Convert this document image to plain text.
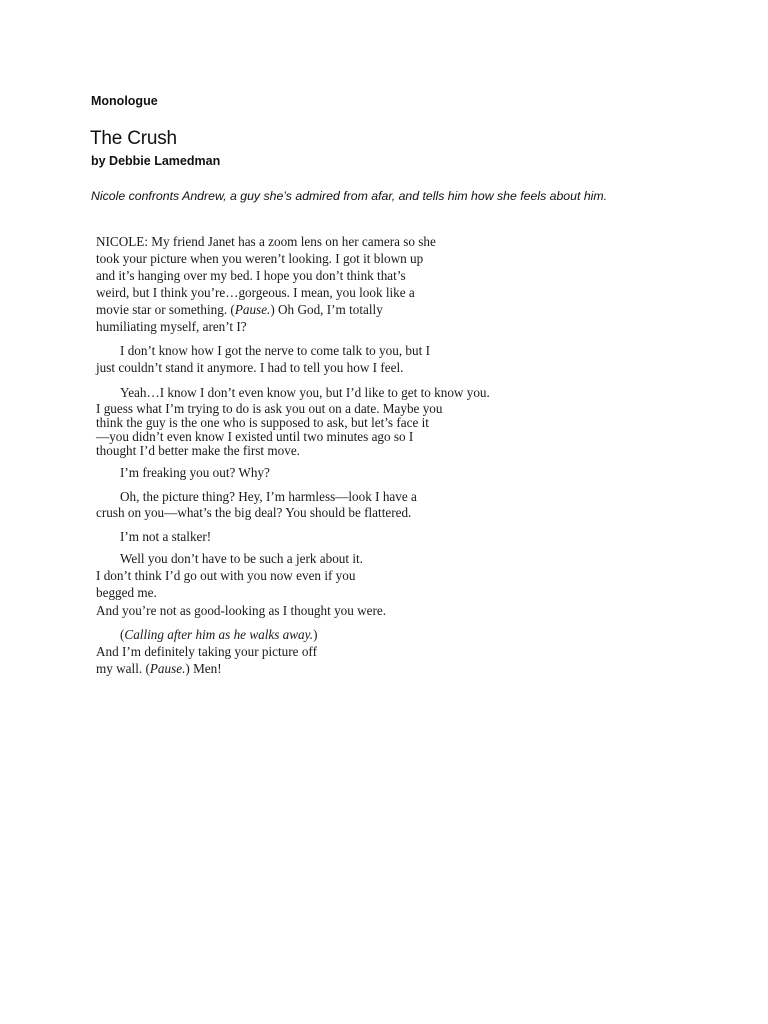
Monologue
The Crush
by Debbie Lamedman
Nicole confronts Andrew, a guy she’s admired from afar, and tells him how she feels about him.
NICOLE: My friend Janet has a zoom lens on her camera so she
took your picture when you weren’t looking. I got it blown up
and it’s hanging over my bed. I hope you don’t think that’s
weird, but I think you’re…gorgeous. I mean, you look like a
movie star or something. (Pause.) Oh God, I’m totally
humiliating myself, aren’t I?
I don’t know how I got the nerve to come talk to you, but I
just couldn’t stand it anymore. I had to tell you how I feel.
Yeah…I know I don’t even know you, but I’d like to get to know you.
I guess what I’m trying to do is ask you out on a date. Maybe you
think the guy is the one who is supposed to ask, but let’s face it
—you didn’t even know I existed until two minutes ago so I
thought I’d better make the first move.
I’m freaking you out? Why?
Oh, the picture thing? Hey, I’m harmless—look I have a
crush on you—what’s the big deal? You should be flattered.
I’m not a stalker!
Well you don’t have to be such a jerk about it.
I don’t think I’d go out with you now even if you
begged me.
And you’re not as good-looking as I thought you were.
(Calling after him as he walks away.)
And I’m definitely taking your picture off
my wall. (Pause.) Men!
